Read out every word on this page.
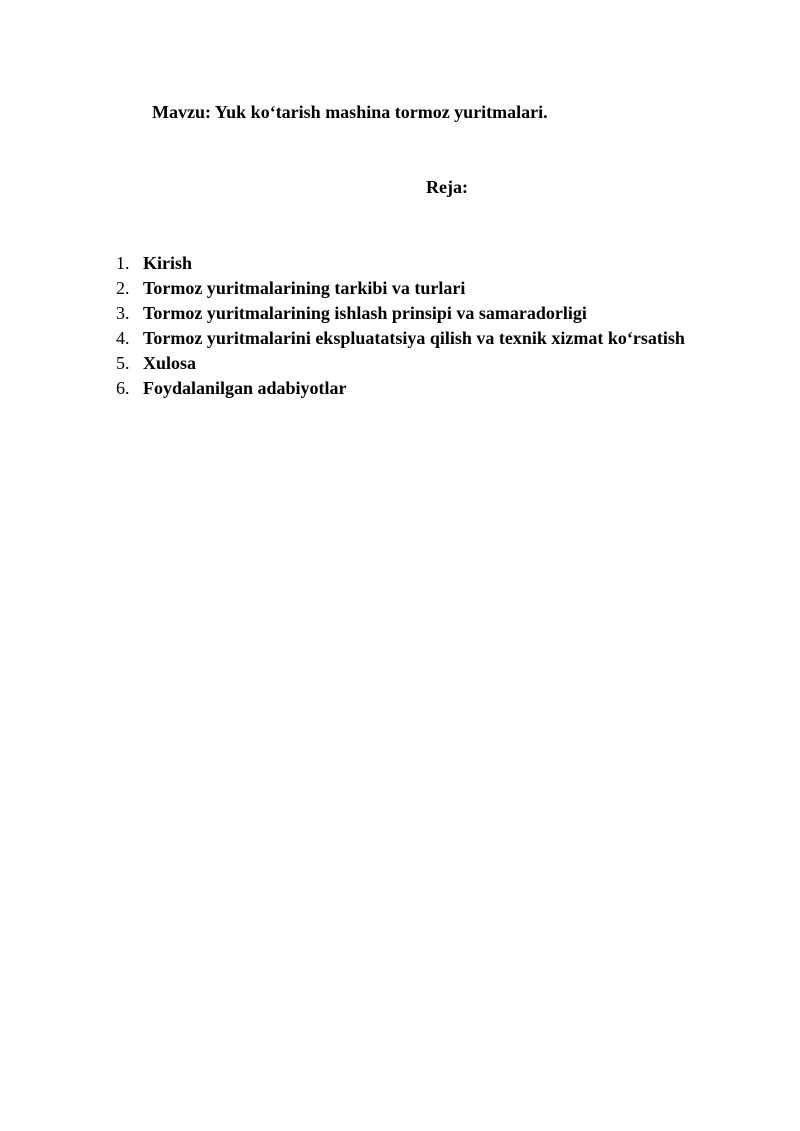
Mavzu: Yuk ko‘tarish mashina tormoz yuritmalari.
Reja:
1. Kirish
2. Tormoz yuritmalarining tarkibi va turlari
3. Tormoz yuritmalarining ishlash prinsipi va samaradorligi
4. Tormoz yuritmalarini ekspluatatsiya qilish va texnik xizmat ko‘rsatish
5. Xulosa
6. Foydalanilgan adabiyotlar
